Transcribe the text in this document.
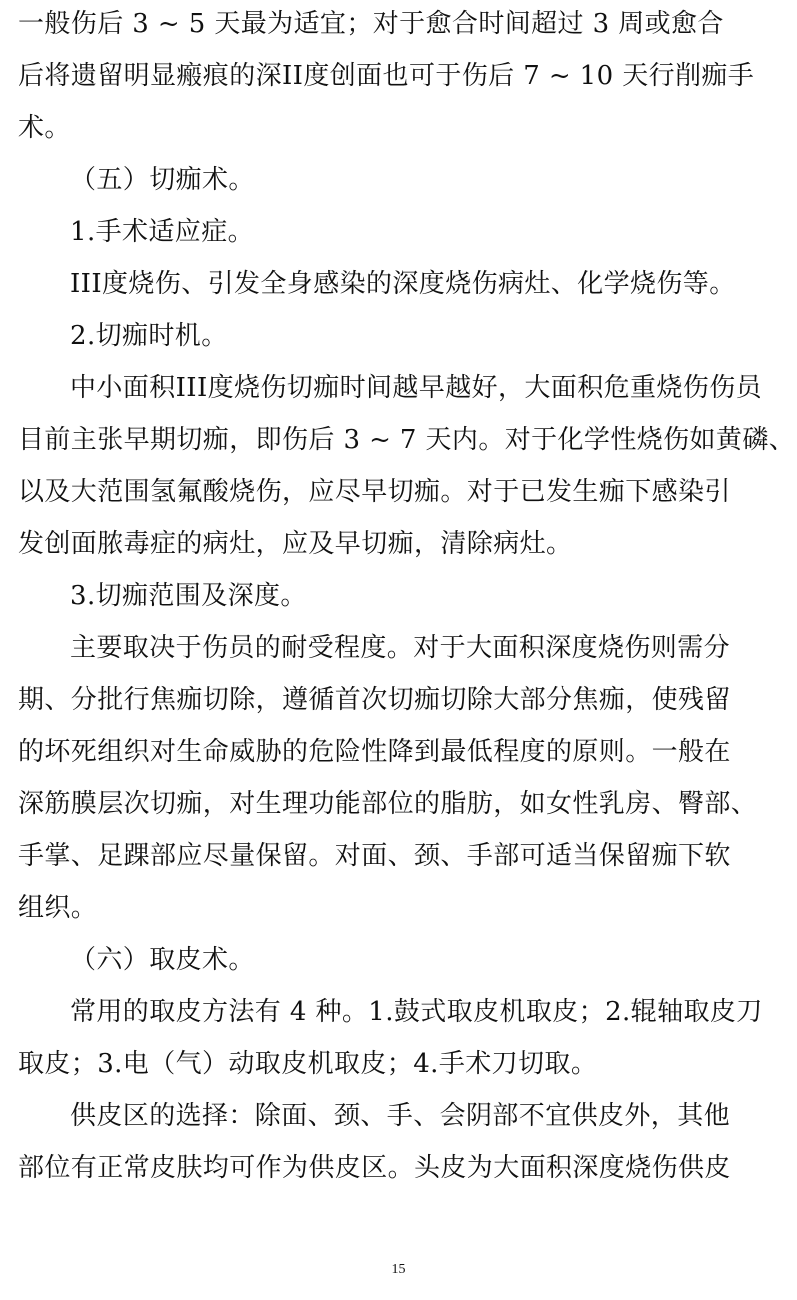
一般伤后 3 ~ 5 天最为适宜；对于愈合时间超过 3 周或愈合
后将遗留明显瘢痕的深II度创面也可于伤后 7 ~ 10 天行削痂手
术。
（五）切痂术。
1.手术适应症。
III度烧伤、引发全身感染的深度烧伤病灶、化学烧伤等。
2.切痂时机。
中小面积III度烧伤切痂时间越早越好，大面积危重烧伤伤员
目前主张早期切痂，即伤后 3 ~ 7 天内。对于化学性烧伤如黄磷、
以及大范围氢氟酸烧伤，应尽早切痂。对于已发生痂下感染引
发创面脓毒症的病灶，应及早切痂，清除病灶。
3.切痂范围及深度。
主要取决于伤员的耐受程度。对于大面积深度烧伤则需分
期、分批行焦痂切除，遵循首次切痂切除大部分焦痂，使残留
的坏死组织对生命威胁的危险性降到最低程度的原则。一般在
深筋膜层次切痂，对生理功能部位的脂肪，如女性乳房、臀部、
手掌、足踝部应尽量保留。对面、颈、手部可适当保留痂下软
组织。
（六）取皮术。
常用的取皮方法有 4 种。1.鼓式取皮机取皮；2.辊轴取皮刀
取皮；3.电（气）动取皮机取皮；4.手术刀切取。
供皮区的选择：除面、颈、手、会阴部不宜供皮外，其他
部位有正常皮肤均可作为供皮区。头皮为大面积深度烧伤供皮
15
